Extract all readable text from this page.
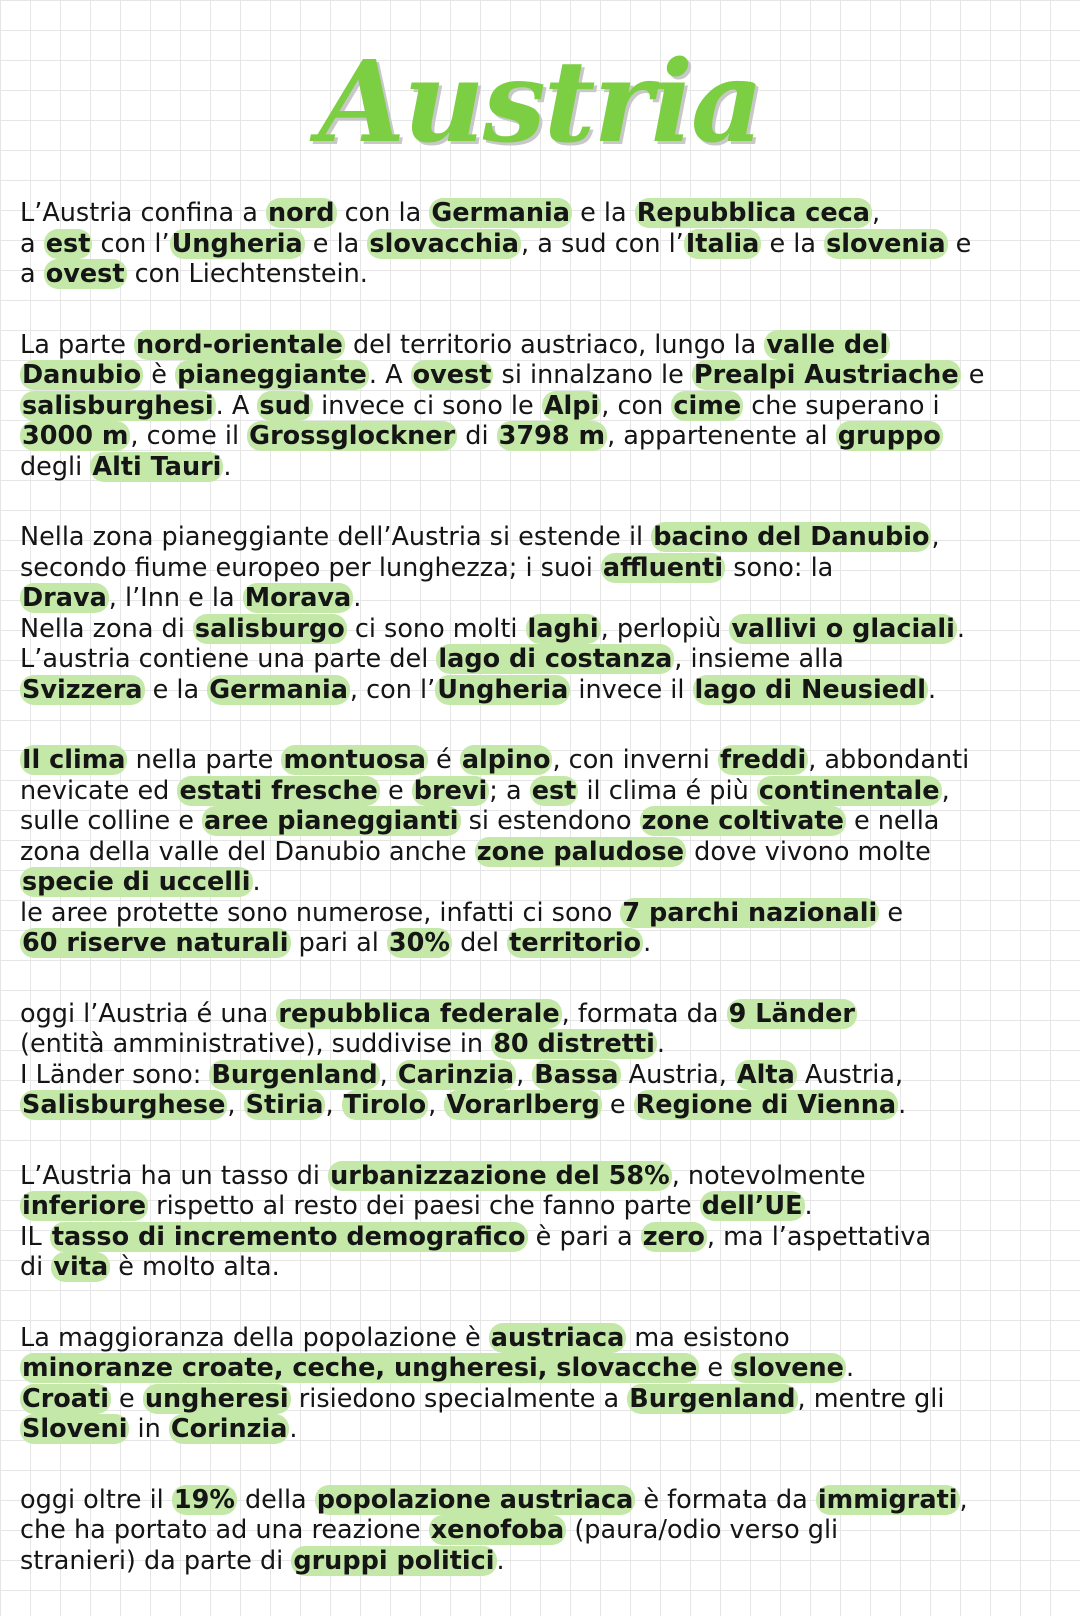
Austria
L’Austria confina a nord con la Germania e la Repubblica ceca,
a est con l’Ungheria e la slovacchia, a sud con l’Italia e la slovenia e
a ovest con Liechtenstein.
La parte nord-orientale del territorio austriaco, lungo la valle del
Danubio è pianeggiante. A ovest si innalzano le Prealpi Austriache e
salisburghesi. A sud invece ci sono le Alpi, con cime che superano i
3000 m, come il Grossglockner di 3798 m, appartenente al gruppo
degli Alti Tauri.
Nella zona pianeggiante dell’Austria si estende il bacino del Danubio,
secondo fiume europeo per lunghezza; i suoi affluenti sono: la
Drava, l’Inn e la Morava.
Nella zona di salisburgo ci sono molti laghi, perlopiù vallivi o glaciali.
L’austria contiene una parte del lago di costanza, insieme alla
Svizzera e la Germania, con l’Ungheria invece il lago di Neusiedl.
Il clima nella parte montuosa é alpino, con inverni freddi, abbondanti
nevicate ed estati fresche e brevi; a est il clima é più continentale,
sulle colline e aree pianeggianti si estendono zone coltivate e nella
zona della valle del Danubio anche zone paludose dove vivono molte
specie di uccelli.
le aree protette sono numerose, infatti ci sono 7 parchi nazionali e
60 riserve naturali pari al 30% del territorio.
oggi l’Austria é una repubblica federale, formata da 9 Länder
(entità amministrative), suddivise in 80 distretti.
I Länder sono: Burgenland, Carinzia, Bassa Austria, Alta Austria,
Salisburghese, Stiria, Tirolo, Vorarlberg e Regione di Vienna.
L’Austria ha un tasso di urbanizzazione del 58%, notevolmente
inferiore rispetto al resto dei paesi che fanno parte dell’UE.
IL tasso di incremento demografico è pari a zero, ma l’aspettativa
di vita è molto alta.
La maggioranza della popolazione è austriaca ma esistono
minoranze croate, ceche, ungheresi, slovacche e slovene.
Croati e ungheresi risiedono specialmente a Burgenland, mentre gli
Sloveni in Corinzia.
oggi oltre il 19% della popolazione austriaca è formata da immigrati,
che ha portato ad una reazione xenofoba (paura/odio verso gli
stranieri) da parte di gruppi politici.
